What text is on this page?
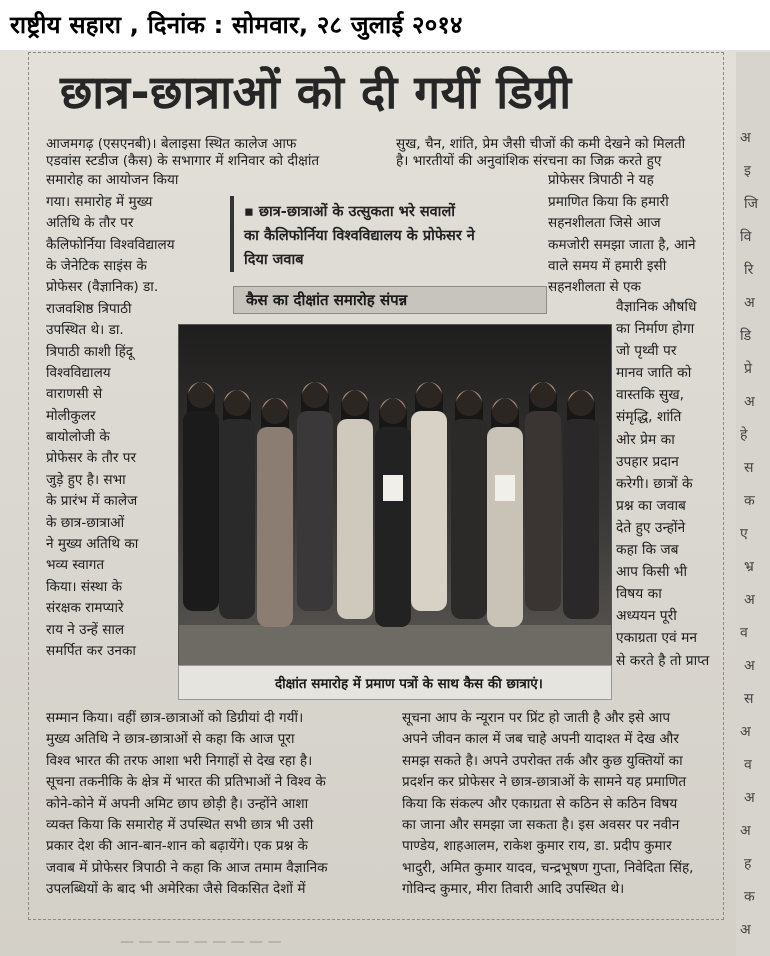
राष्ट्रीय सहारा , दिनांक : सोमवार, २८ जुलाई २०१४
अ
इ
जि
वि
रि
अ
डि
प्रे
अ
हे
स
क
ए
भ्र
अ
व
अ
स
अ
व
अ
अ
ह
क
अ
छात्र-छात्राओं को दी गयीं डिग्री
आजमगढ़ (एसएनबी)। बेलाइसा स्थित कालेज आफ
एडवांस स्टडीज (कैस) के सभागार में शनिवार को दीक्षांत
समारोह का आयोजन किया
गया। समारोह में मुख्य
अतिथि के तौर पर
कैलिफोर्निया विश्वविद्यालय
के जेनेटिक साइंस के
प्रोफेसर (वैज्ञानिक) डा.
राजवशिष्ठ त्रिपाठी
उपस्थित थे। डा.
त्रिपाठी काशी हिंदू
विश्वविद्यालय
वाराणसी से
मोलीकुलर
बायोलोजी के
प्रोफेसर के तौर पर
जुड़े हुए है। सभा
के प्रारंभ में कालेज
के छात्र-छात्राओं
ने मुख्य अतिथि का
भव्य स्वागत
किया। संस्था के
संरक्षक रामप्यारे
राय ने उन्हें साल
समर्पित कर उनका
सुख, चैन, शांति, प्रेम जैसी चीजों की कमी देखने को मिलती
है। भारतीयों की अनुवांशिक संरचना का जिक्र करते हुए
प्रोफेसर त्रिपाठी ने यह
प्रमाणित किया कि हमारी
सहनशीलता जिसे आज
कमजोरी समझा जाता है, आने
वाले समय में हमारी इसी
सहनशीलता से एक
▪ छात्र-छात्राओं के उत्सुकता भरे सवालों
का कैलिफोर्निया विश्वविद्यालय के प्रोफेसर ने
दिया जवाब
कैस का दीक्षांत समारोह संपन्न	वैज्ञानिक औषधि
का निर्माण होगा
जो पृथ्वी पर
मानव जाति को
वास्तकि सुख,
संमृद्धि, शांति
ओर प्रेम का
उपहार प्रदान
करेगी। छात्रों के
प्रश्न का जवाब
देते हुए उन्होंने
कहा कि जब
आप किसी भी
विषय का
अध्ययन पूरी
एकाग्रता एवं मन
से करते है तो प्राप्त
दीक्षांत समारोह में प्रमाण पत्रों के साथ कैस की छात्राएं।
सम्मान किया। वहीं छात्र-छात्राओं को डिग्रीयां दी गयीं।
मुख्य अतिथि ने छात्र-छात्राओं से कहा कि आज पूरा
विश्व भारत की तरफ आशा भरी निगाहों से देख रहा है।
सूचना तकनीकि के क्षेत्र में भारत की प्रतिभाओं ने विश्व के
कोने-कोने में अपनी अमिट छाप छोड़ी है। उन्होंने आशा
व्यक्त किया कि समारोह में उपस्थित सभी छात्र भी उसी
प्रकार देश की आन-बान-शान को बढ़ायेंगे। एक प्रश्न के
जवाब में प्रोफेसर त्रिपाठी ने कहा कि आज तमाम वैज्ञानिक
उपलब्धियों के बाद भी अमेरिका जैसे विकसित देशों में
सूचना आप के न्यूरान पर प्रिंट हो जाती है और इसे आप
अपने जीवन काल में जब चाहे अपनी यादाश्त में देख और
समझ सकते है। अपने उपरोक्त तर्क और कुछ युक्तियों का
प्रदर्शन कर प्रोफेसर ने छात्र-छात्राओं के सामने यह प्रमाणित
किया कि संकल्प और एकाग्रता से कठिन से कठिन विषय
का जाना और समझा जा सकता है। इस अवसर पर नवीन
पाण्डेय, शाहआलम, राकेश कुमार राय, डा. प्रदीप कुमार
भादुरी, अमित कुमार यादव, चन्द्रभूषण गुप्ता, निवेदिता सिंह,
गोविन्द कुमार, मीरा तिवारी आदि उपस्थित थे।
— — — — — — — — —
